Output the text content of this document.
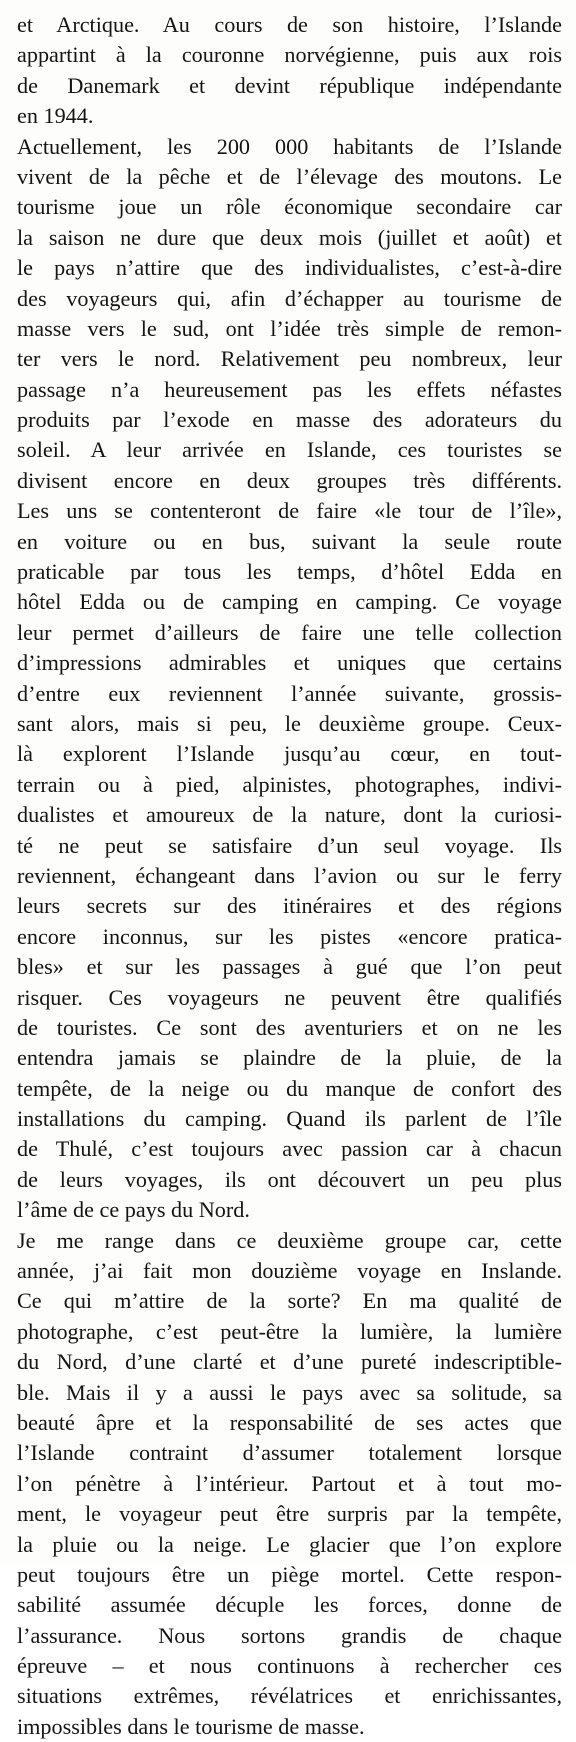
et Arctique. Au cours de son histoire, l’Islande
appartint à la couronne norvégienne, puis aux rois
de Danemark et devint république indépendante
en 1944.
Actuellement, les 200 000 habitants de l’Islande
vivent de la pêche et de l’élevage des moutons. Le
tourisme joue un rôle économique secondaire car
la saison ne dure que deux mois (juillet et août) et
le pays n’attire que des individualistes, c’est-à-dire
des voyageurs qui, afin d’échapper au tourisme de
masse vers le sud, ont l’idée très simple de remon-
ter vers le nord. Relativement peu nombreux, leur
passage n’a heureusement pas les effets néfastes
produits par l’exode en masse des adorateurs du
soleil. A leur arrivée en Islande, ces touristes se
divisent encore en deux groupes très différents.
Les uns se contenteront de faire «le tour de l’île»,
en voiture ou en bus, suivant la seule route
praticable par tous les temps, d’hôtel Edda en
hôtel Edda ou de camping en camping. Ce voyage
leur permet d’ailleurs de faire une telle collection
d’impressions admirables et uniques que certains
d’entre eux reviennent l’année suivante, grossis-
sant alors, mais si peu, le deuxième groupe. Ceux-
là explorent l’Islande jusqu’au cœur, en tout-
terrain ou à pied, alpinistes, photographes, indivi-
dualistes et amoureux de la nature, dont la curiosi-
té ne peut se satisfaire d’un seul voyage. Ils
reviennent, échangeant dans l’avion ou sur le ferry
leurs secrets sur des itinéraires et des régions
encore inconnus, sur les pistes «encore pratica-
bles» et sur les passages à gué que l’on peut
risquer. Ces voyageurs ne peuvent être qualifiés
de touristes. Ce sont des aventuriers et on ne les
entendra jamais se plaindre de la pluie, de la
tempête, de la neige ou du manque de confort des
installations du camping. Quand ils parlent de l’île
de Thulé, c’est toujours avec passion car à chacun
de leurs voyages, ils ont découvert un peu plus
l’âme de ce pays du Nord.
Je me range dans ce deuxième groupe car, cette
année, j’ai fait mon douzième voyage en Inslande.
Ce qui m’attire de la sorte? En ma qualité de
photographe, c’est peut-être la lumière, la lumière
du Nord, d’une clarté et d’une pureté indescriptible-
ble. Mais il y a aussi le pays avec sa solitude, sa
beauté âpre et la responsabilité de ses actes que
l’Islande contraint d’assumer totalement lorsque
l’on pénètre à l’intérieur. Partout et à tout mo-
ment, le voyageur peut être surpris par la tempête,
la pluie ou la neige. Le glacier que l’on explore
peut toujours être un piège mortel. Cette respon-
sabilité assumée décuple les forces, donne de
l’assurance. Nous sortons grandis de chaque
épreuve – et nous continuons à rechercher ces
situations extrêmes, révélatrices et enrichissantes,
impossibles dans le tourisme de masse.
